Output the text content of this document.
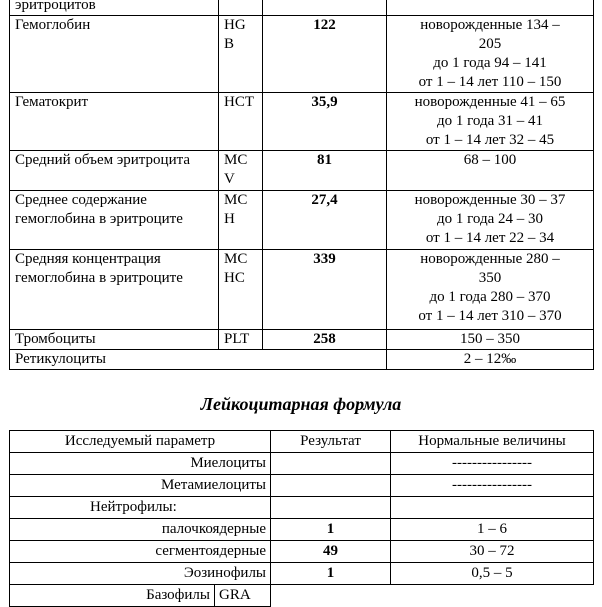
эритроцитов			
Гемоглобин	HG B	122	новорожденные 134 –
205
до 1 года 94 – 141
от 1 – 14 лет 110 – 150

Гематокрит	HCT	35,9	новорожденные 41 – 65
до 1 года 31 – 41
от 1 – 14 лет 32 – 45

Средний объем эритроцита	MC V	81	68 – 100

Среднее содержание гемоглобина в эритроците	MC H	27,4	новорожденные 30 – 37
до 1 года 24 – 30
от 1 – 14 лет 22 – 34

Средняя концентрация гемоглобина в эритроците	MC HC	339	новорожденные 280 –
350
до 1 года 280 – 370
от 1 – 14 лет 310 – 370

Тромбоциты	PLT	258	150 – 350

Ретикулоциты			2 – 12‰
Лейкоцитарная формула
Исследуемый параметр		Результат	Нормальные величины
Миелоциты			----------------
Метамиелоциты			----------------
Нейтрофилы:			
палочкоядерные		1	1 – 6
сегментоядерные		49	30 – 72
Эозинофилы		1	0,5 – 5
Базофилы	GRA		
